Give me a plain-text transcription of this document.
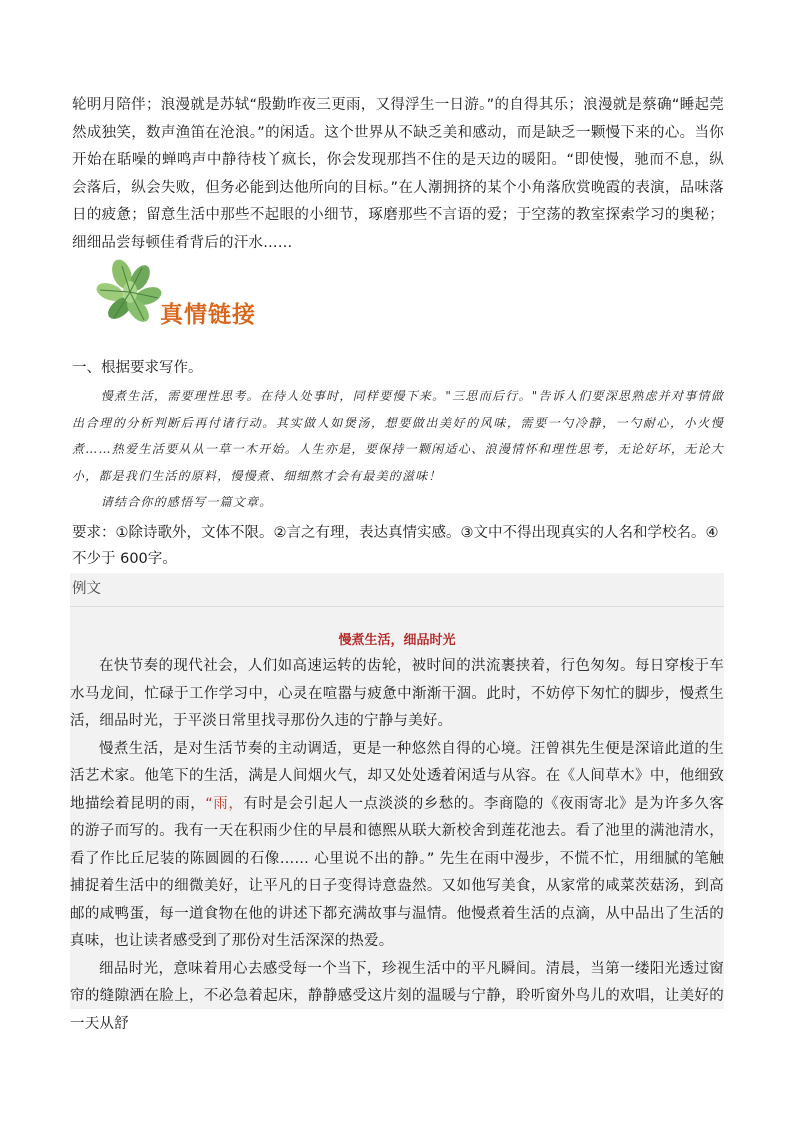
轮明月陪伴；浪漫就是苏轼“殷勤昨夜三更雨，又得浮生一日游。”的自得其乐；浪漫就是蔡确“睡起莞然成独笑，数声渔笛在沧浪。”的闲适。这个世界从不缺乏美和感动，而是缺乏一颗慢下来的心。当你开始在聒噪的蝉鸣声中静待枝丫疯长，你会发现那挡不住的是天边的暖阳。“即使慢，驰而不息，纵会落后，纵会失败，但务必能到达他所向的目标。”在人潮拥挤的某个小角落欣赏晚霞的表演，品味落日的疲惫；留意生活中那些不起眼的小细节，琢磨那些不言语的爱；于空荡的教室探索学习的奥秘；细细品尝每顿佳肴背后的汗水……
真情链接
一、根据要求写作。
慢煮生活，需要理性思考。在待人处事时，同样要慢下来。"三思而后行。"告诉人们要深思熟虑并对事情做出合理的分析判断后再付诸行动。其实做人如煲汤，想要做出美好的风味，需要一勺冷静，一勺耐心，小火慢煮……热爱生活要从从一草一木开始。人生亦是，要保持一颗闲适心、浪漫情怀和理性思考，无论好坏，无论大小，都是我们生活的原料，慢慢煮、细细熬才会有最美的滋味！
请结合你的感悟写一篇文章。
要求：①除诗歌外，文体不限。②言之有理，表达真情实感。③文中不得出现真实的人名和学校名。④不少于 600字。
例文
慢煮生活，细品时光

在快节奏的现代社会，人们如高速运转的齿轮，被时间的洪流裹挟着，行色匆匆。每日穿梭于车水马龙间，忙碌于工作学习中，心灵在喧嚣与疲惫中渐渐干涸。此时，不妨停下匆忙的脚步，慢煮生活，细品时光，于平淡日常里找寻那份久违的宁静与美好。

慢煮生活，是对生活节奏的主动调适，更是一种悠然自得的心境。汪曾祺先生便是深谙此道的生活艺术家。他笔下的生活，满是人间烟火气，却又处处透着闲适与从容。在《人间草木》中，他细致地描绘着昆明的雨，“雨，有时是会引起人一点淡淡的乡愁的。李商隐的《夜雨寄北》是为许多久客的游子而写的。我有一天在积雨少住的早晨和德熙从联大新校舍到莲花池去。看了池里的满池清水，看了作比丘尼装的陈圆圆的石像…… 心里说不出的静。” 先生在雨中漫步，不慌不忙，用细腻的笔触捕捉着生活中的细微美好，让平凡的日子变得诗意盎然。又如他写美食，从家常的咸菜茨菇汤，到高邮的咸鸭蛋，每一道食物在他的讲述下都充满故事与温情。他慢煮着生活的点滴，从中品出了生活的真味，也让读者感受到了那份对生活深深的热爱。

细品时光，意味着用心去感受每一个当下，珍视生活中的平凡瞬间。清晨，当第一缕阳光透过窗帘的缝隙洒在脸上，不必急着起床，静静感受这片刻的温暖与宁静，聆听窗外鸟儿的欢唱，让美好的一天从舒
